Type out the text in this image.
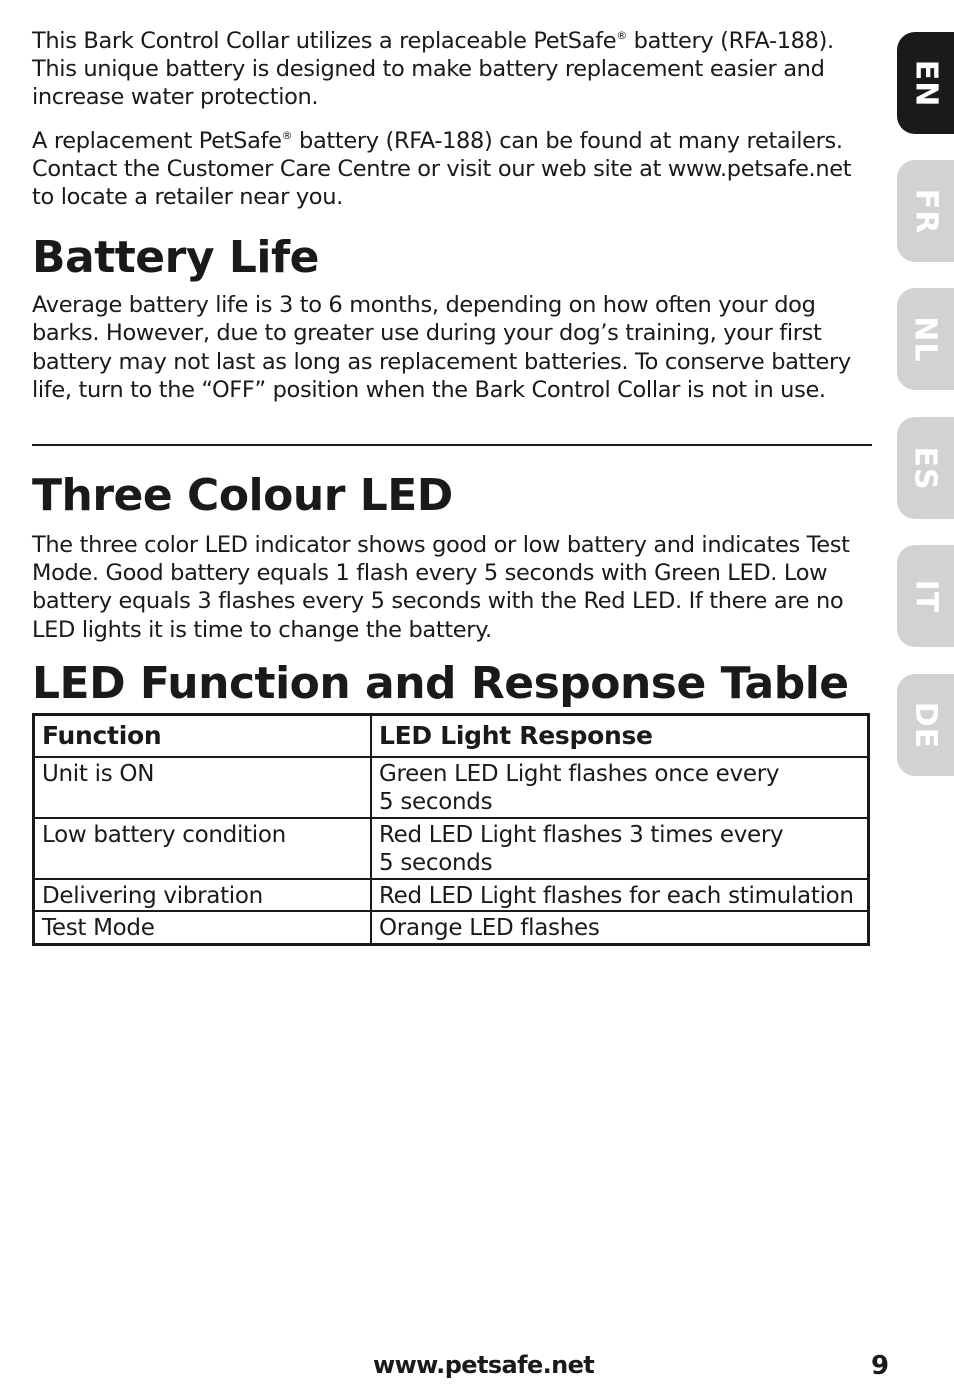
This Bark Control Collar utilizes a replaceable PetSafe® battery (RFA-188). This unique battery is designed to make battery replacement easier and increase water protection.

A replacement PetSafe® battery (RFA-188) can be found at many retailers. Contact the Customer Care Centre or visit our web site at www.petsafe.net to locate a retailer near you.

Battery Life

Average battery life is 3 to 6 months, depending on how often your dog barks. However, due to greater use during your dog’s training, your first battery may not last as long as replacement batteries. To conserve battery life, turn to the “OFF” position when the Bark Control Collar is not in use.

Three Colour LED

The three color LED indicator shows good or low battery and indicates Test Mode. Good battery equals 1 flash every 5 seconds with Green LED. Low battery equals 3 flashes every 5 seconds with the Red LED. If there are no LED lights it is time to change the battery.

LED Function and Response Table
Function	LED Light Response
Unit is ON	Green LED Light flashes once every
5 seconds
Low battery condition	Red LED Light flashes 3 times every
5 seconds
Delivering vibration	Red LED Light flashes for each stimulation
Test Mode	Orange LED flashes
EN
FR
NL
ES
IT
DE
www.petsafe.net	9
